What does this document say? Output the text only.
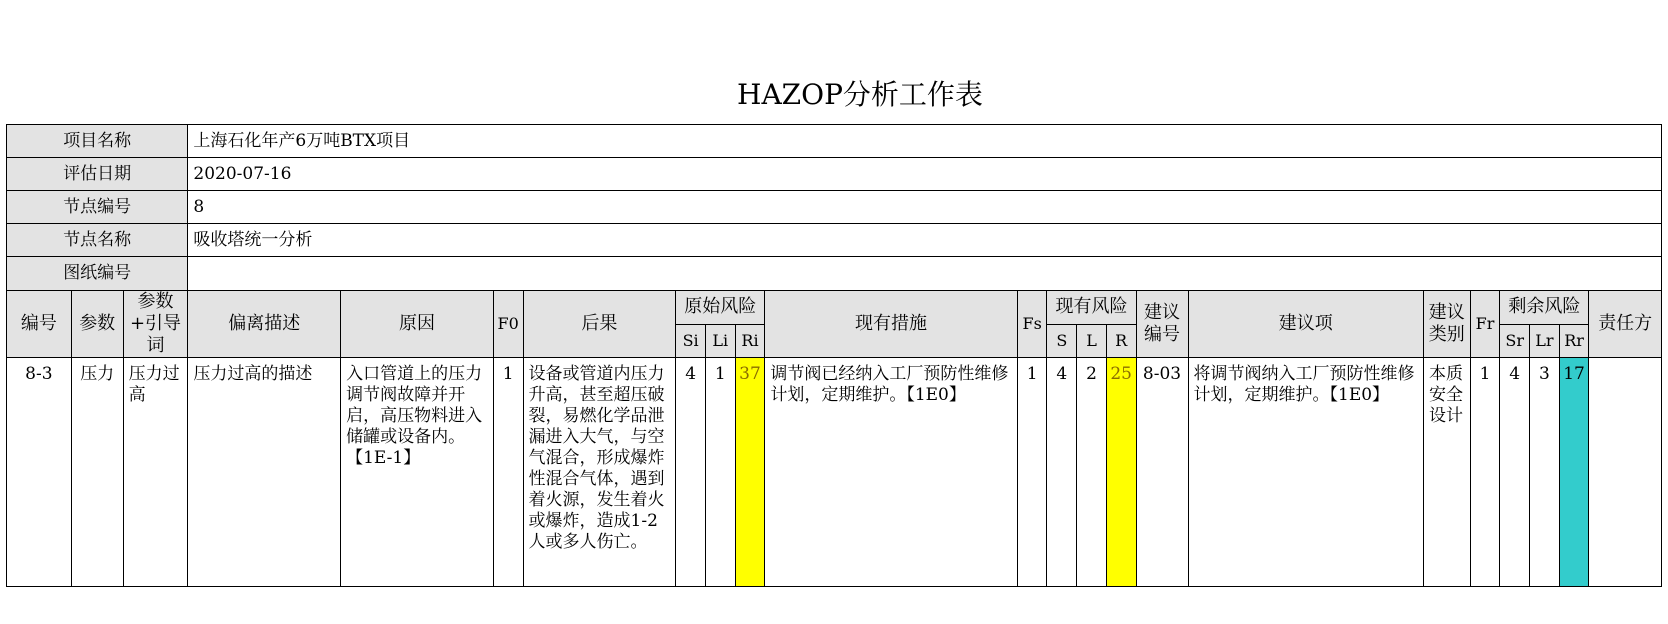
HAZOP分析工作表
项目名称			上海石化年产6万吨BTX项目																			
评估日期			2020-07-16																			
节点编号			8																			
节点名称			吸收塔统一分析																			
图纸编号																						
编号	参数	参数+引导词	偏离描述	原因	F0	后果	原始风险			现有措施	Fs	现有风险			建议编号	建议项	建议类别	Fr	剩余风险			责任方
							Si	Li	Ri			S	L	R					Sr	Lr	Rr	
8-3	压力	压力过高	压力过高的描述	入口管道上的压力调节阀故障并开启，高压物料进入储罐或设备内。【1E-1】	1	设备或管道内压力升高，甚至超压破裂，易燃化学品泄漏进入大气，与空气混合，形成爆炸性混合气体，遇到着火源，发生着火或爆炸，造成1-2人或多人伤亡。	4	1	37	调节阀已经纳入工厂预防性维修计划，定期维护。【1E0】	1	4	2	25	8-03	将调节阀纳入工厂预防性维修计划，定期维护。【1E0】	本质安全设计	1	4	3	17	
